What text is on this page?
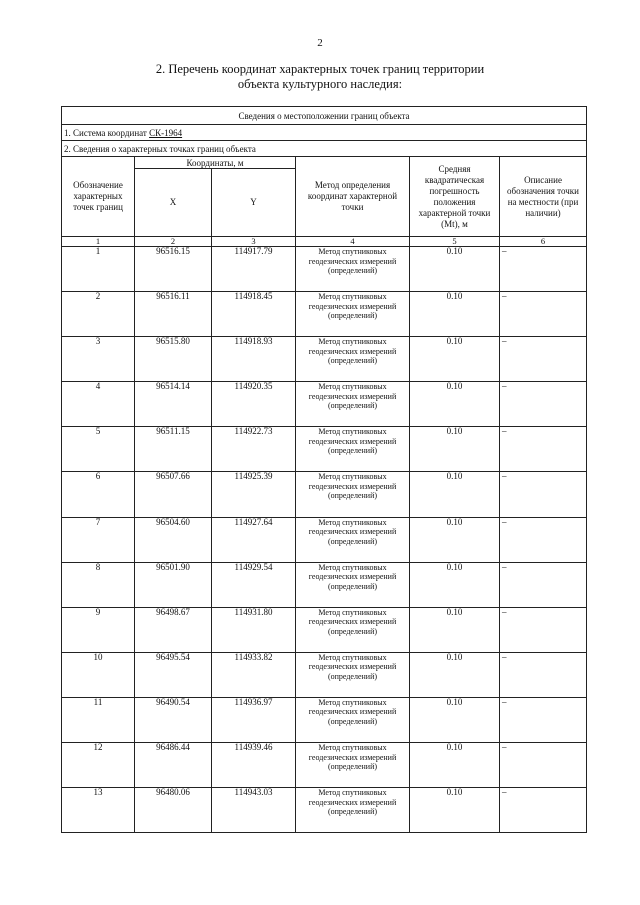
2
2. Перечень координат характерных точек границ территории
объекта культурного наследия:
Сведения о местоположении границ объекта					
1. Система координат СК-1964					
2. Сведения о характерных точках границ объекта					
Обозначение характерных точек границ	Координаты, м		Метод определения координат характерной точки	Средняя квадратическая погрешность положения характерной точки (Mt), м	Описание обозначения точки на местности (при наличии)
	X	Y			
1	2	3	4	5	6
1	96516.15	114917.79	Метод спутниковых геодезических измерений (определений)	0.10	–
2	96516.11	114918.45	Метод спутниковых геодезических измерений (определений)	0.10	–
3	96515.80	114918.93	Метод спутниковых геодезических измерений (определений)	0.10	–
4	96514.14	114920.35	Метод спутниковых геодезических измерений (определений)	0.10	–
5	96511.15	114922.73	Метод спутниковых геодезических измерений (определений)	0.10	–
6	96507.66	114925.39	Метод спутниковых геодезических измерений (определений)	0.10	–
7	96504.60	114927.64	Метод спутниковых геодезических измерений (определений)	0.10	–
8	96501.90	114929.54	Метод спутниковых геодезических измерений (определений)	0.10	–
9	96498.67	114931.80	Метод спутниковых геодезических измерений (определений)	0.10	–
10	96495.54	114933.82	Метод спутниковых геодезических измерений (определений)	0.10	–
11	96490.54	114936.97	Метод спутниковых геодезических измерений (определений)	0.10	–
12	96486.44	114939.46	Метод спутниковых геодезических измерений (определений)	0.10	–
13	96480.06	114943.03	Метод спутниковых геодезических измерений (определений)	0.10	–
